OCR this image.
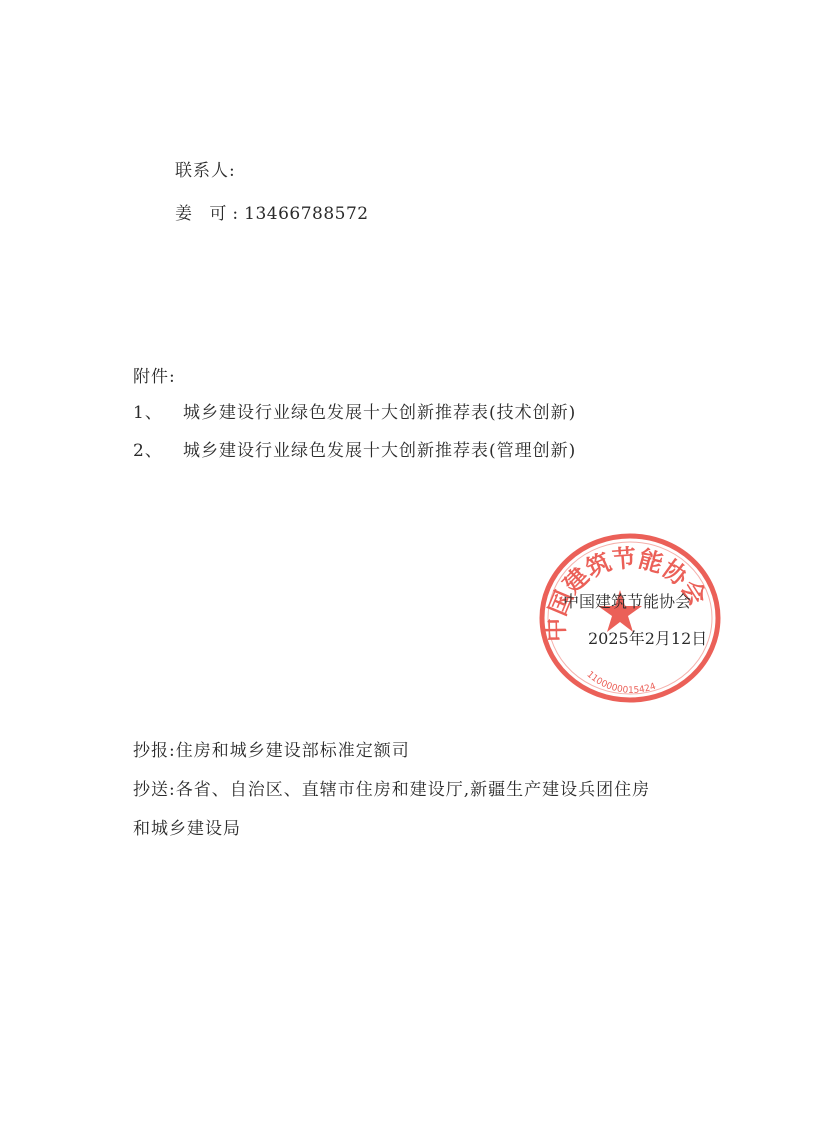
联系人:
姜 可:13466788572
附件:
1、 城乡建设行业绿色发展十大创新推荐表(技术创新)
2、 城乡建设行业绿色发展十大创新推荐表(管理创新)
中国建筑节能协会
1100000015424
中国建筑节能协会
2025年2月12日
抄报:住房和城乡建设部标准定额司
抄送:各省、自治区、直辖市住房和建设厅,新疆生产建设兵团住房
和城乡建设局
